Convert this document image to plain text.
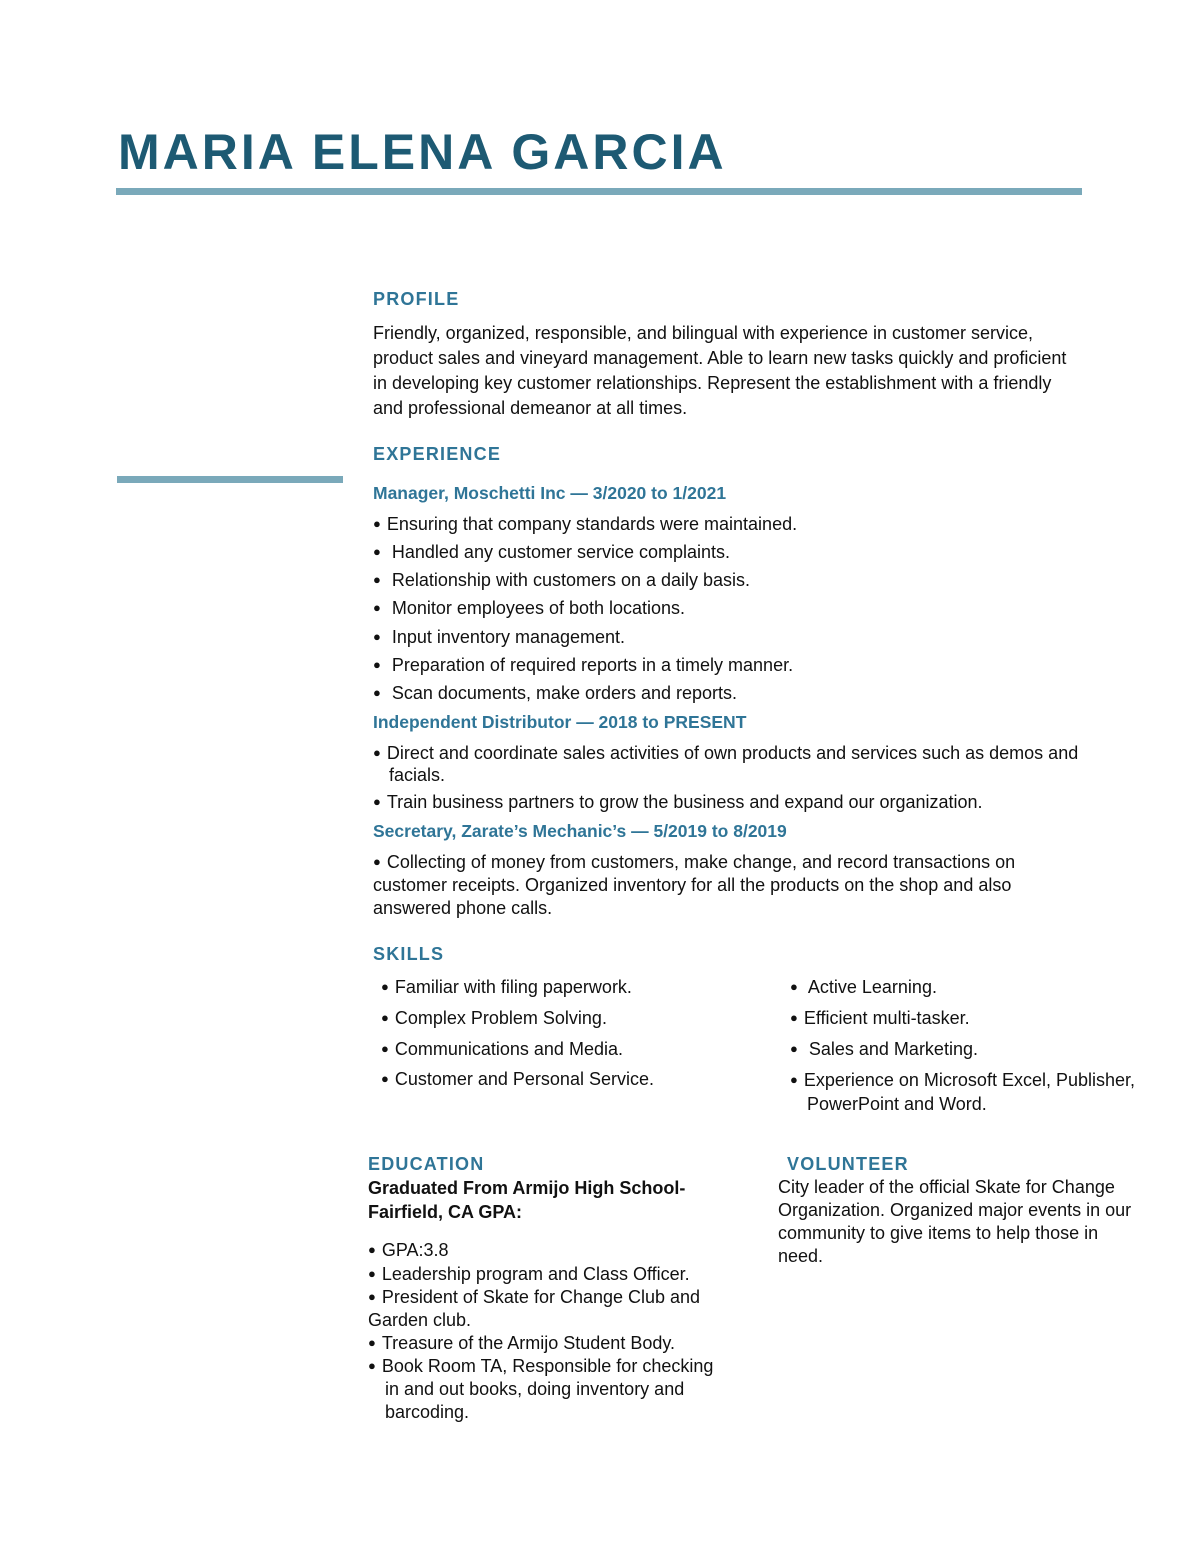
MARIA ELENA GARCIA
PROFILE

Friendly, organized, responsible, and bilingual with experience in customer service, product sales and vineyard management. Able to learn new tasks quickly and proficient in developing key customer relationships. Represent the establishment with a friendly and professional demeanor at all times.

EXPERIENCE
Manager, Moschetti Inc — 3/2020 to 1/2021
● Ensuring that company standards were maintained.
● Handled any customer service complaints.
● Relationship with customers on a daily basis.
● Monitor employees of both locations.
● Input inventory management.
● Preparation of required reports in a timely manner.
● Scan documents, make orders and reports.
Independent Distributor — 2018 to PRESENT
● Direct and coordinate sales activities of own products and services such as demos and facials.
● Train business partners to grow the business and expand our organization.
Secretary, Zarate’s Mechanic’s — 5/2019 to 8/2019
● Collecting of money from customers, make change, and record transactions on customer receipts. Organized inventory for all the products on the shop and also answered phone calls.
SKILLS
● Familiar with filing paperwork.
● Complex Problem Solving.
● Communications and Media.
● Customer and Personal Service.
● Active Learning.
● Efficient multi-tasker.
● Sales and Marketing.
● Experience on Microsoft Excel, Publisher, PowerPoint and Word.
EDUCATION
Graduated From Armijo High School- Fairfield, CA GPA:
● GPA:3.8
● Leadership program and Class Officer.
● President of Skate for Change Club and Garden club.
● Treasure of the Armijo Student Body.
● Book Room TA, Responsible for checking in and out books, doing inventory and barcoding.
VOLUNTEER

City leader of the official Skate for Change Organization. Organized major events in our community to give items to help those in need.
